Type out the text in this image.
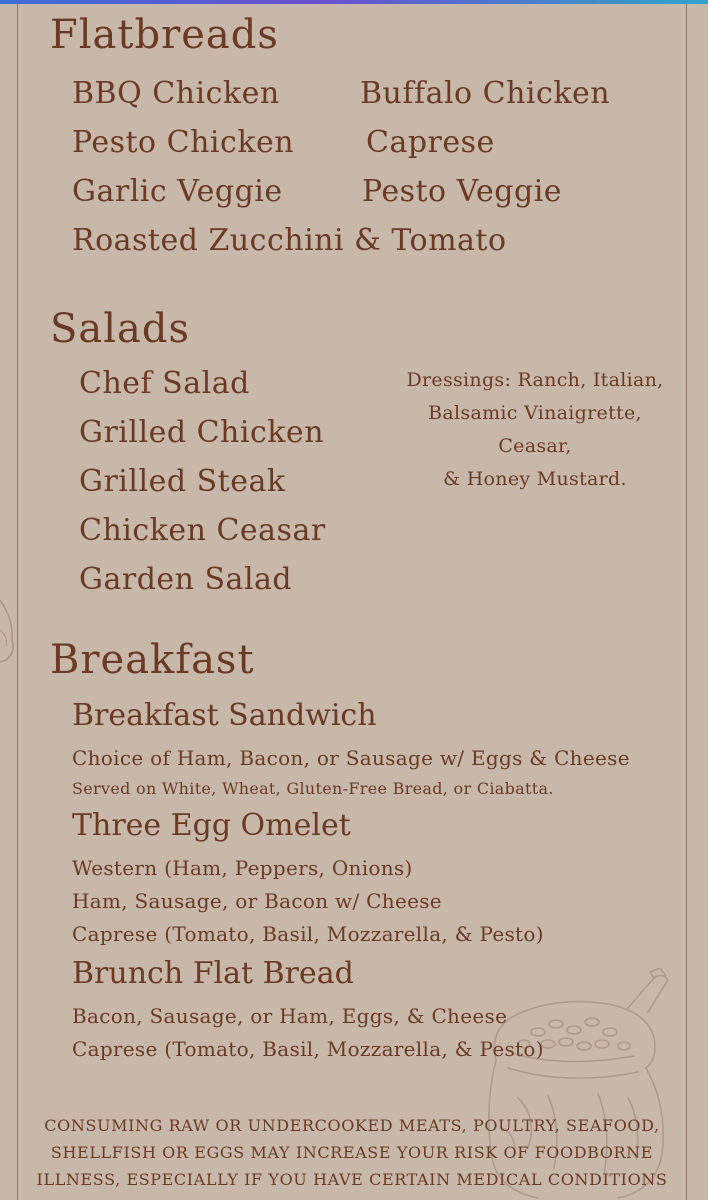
Flatbreads
BBQ Chicken	Buffalo Chicken
Pesto Chicken Caprese
Garlic Veggie	Pesto Veggie
Roasted Zucchini & Tomato
Salads
Chef Salad
Grilled Chicken
Grilled Steak
Chicken Ceasar
Garden Salad
Dressings: Ranch, Italian,
Balsamic Vinaigrette,
Ceasar,
& Honey Mustard.
Breakfast
Breakfast Sandwich
Choice of Ham, Bacon, or Sausage w/ Eggs & Cheese
Served on White, Wheat, Gluten-Free Bread, or Ciabatta.
Three Egg Omelet
Western (Ham, Peppers, Onions)
Ham, Sausage, or Bacon w/ Cheese
Caprese (Tomato, Basil, Mozzarella, & Pesto)
Brunch Flat Bread
Bacon, Sausage, or Ham, Eggs, & Cheese
Caprese (Tomato, Basil, Mozzarella, & Pesto)
CONSUMING RAW OR UNDERCOOKED MEATS, POULTRY, SEAFOOD,
SHELLFISH OR EGGS MAY INCREASE YOUR RISK OF FOODBORNE
ILLNESS, ESPECIALLY IF YOU HAVE CERTAIN MEDICAL CONDITIONS
